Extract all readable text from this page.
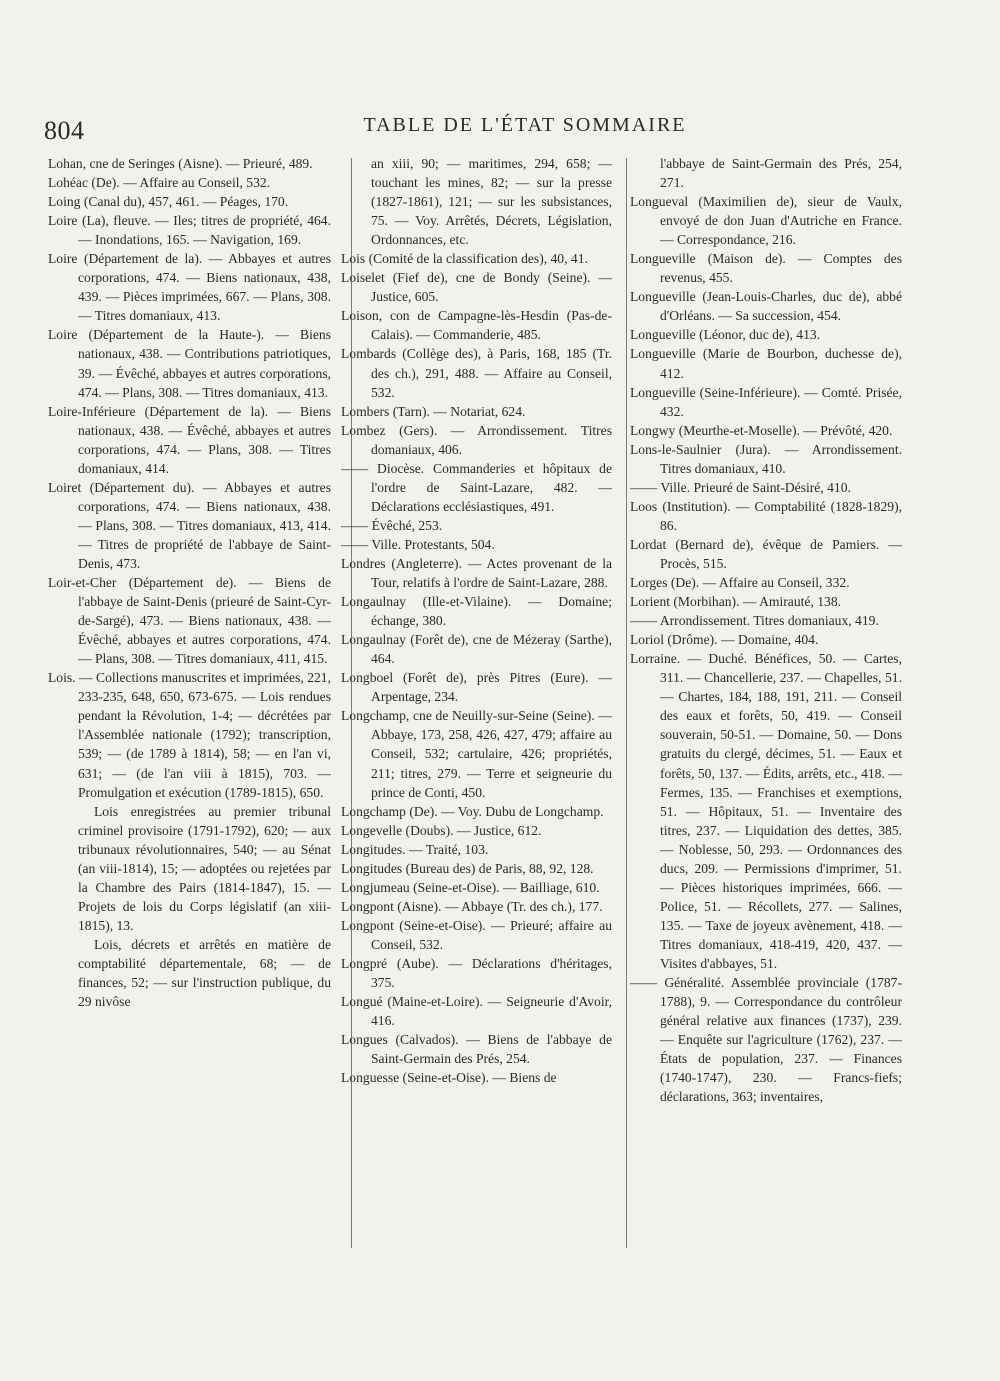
804	TABLE DE L'ÉTAT SOMMAIRE

Lohan, cne de Seringes (Aisne). — Prieuré, 489.

Lohéac (De). — Affaire au Conseil, 532.

Loing (Canal du), 457, 461. — Péages, 170.

Loire (La), fleuve. — Iles; titres de propriété, 464. — Inondations, 165. — Navigation, 169.

Loire (Département de la). — Abbayes et autres corporations, 474. — Biens nationaux, 438, 439. — Pièces imprimées, 667. — Plans, 308. — Titres domaniaux, 413.

Loire (Département de la Haute-). — Biens nationaux, 438. — Contributions patriotiques, 39. — Évêché, abbayes et autres corporations, 474. — Plans, 308. — Titres domaniaux, 413.

Loire-Inférieure (Département de la). — Biens nationaux, 438. — Évêché, abbayes et autres corporations, 474. — Plans, 308. — Titres domaniaux, 414.

Loiret (Département du). — Abbayes et autres corporations, 474. — Biens nationaux, 438. — Plans, 308. — Titres domaniaux, 413, 414. — Titres de propriété de l'abbaye de Saint-Denis, 473.

Loir-et-Cher (Département de). — Biens de l'abbaye de Saint-Denis (prieuré de Saint-Cyr-de-Sargé), 473. — Biens nationaux, 438. — Évêché, abbayes et autres corporations, 474. — Plans, 308. — Titres domaniaux, 411, 415.

Lois. — Collections manuscrites et imprimées, 221, 233-235, 648, 650, 673-675. — Lois rendues pendant la Révolution, 1-4; — décrétées par l'Assemblée nationale (1792); transcription, 539; — (de 1789 à 1814), 58; — en l'an vi, 631; — (de l'an viii à 1815), 703. — Promulgation et exécution (1789-1815), 650.

Lois enregistrées au premier tribunal criminel provisoire (1791-1792), 620; — aux tribunaux révolutionnaires, 540; — au Sénat (an viii-1814), 15; — adoptées ou rejetées par la Chambre des Pairs (1814-1847), 15. — Projets de lois du Corps législatif (an xiii-1815), 13.

Lois, décrets et arrêtés en matière de comptabilité départementale, 68; — de finances, 52; — sur l'instruction publique, du 29 nivôse

an xiii, 90; — maritimes, 294, 658; — touchant les mines, 82; — sur la presse (1827-1861), 121; — sur les subsistances, 75. — Voy. Arrêtés, Décrets, Législation, Ordonnances, etc.

Lois (Comité de la classification des), 40, 41.

Loiselet (Fief de), cne de Bondy (Seine). — Justice, 605.

Loison, con de Campagne-lès-Hesdin (Pas-de-Calais). — Commanderie, 485.

Lombards (Collège des), à Paris, 168, 185 (Tr. des ch.), 291, 488. — Affaire au Conseil, 532.

Lombers (Tarn). — Notariat, 624.

Lombez (Gers). — Arrondissement. Titres domaniaux, 406.

—— Diocèse. Commanderies et hôpitaux de l'ordre de Saint-Lazare, 482. — Déclarations ecclésiastiques, 491.

—— Évêché, 253.

—— Ville. Protestants, 504.

Londres (Angleterre). — Actes provenant de la Tour, relatifs à l'ordre de Saint-Lazare, 288.

Longaulnay (Ille-et-Vilaine). — Domaine; échange, 380.

Longaulnay (Forêt de), cne de Mézeray (Sarthe), 464.

Longboel (Forêt de), près Pitres (Eure). — Arpentage, 234.

Longchamp, cne de Neuilly-sur-Seine (Seine). — Abbaye, 173, 258, 426, 427, 479; affaire au Conseil, 532; cartulaire, 426; propriétés, 211; titres, 279. — Terre et seigneurie du prince de Conti, 450.

Longchamp (De). — Voy. Dubu de Longchamp.

Longevelle (Doubs). — Justice, 612.

Longitudes. — Traité, 103.

Longitudes (Bureau des) de Paris, 88, 92, 128.

Longjumeau (Seine-et-Oise). — Bailliage, 610.

Longpont (Aisne). — Abbaye (Tr. des ch.), 177.

Longpont (Seine-et-Oise). — Prieuré; affaire au Conseil, 532.

Longpré (Aube). — Déclarations d'héritages, 375.

Longué (Maine-et-Loire). — Seigneurie d'Avoir, 416.

Longues (Calvados). — Biens de l'abbaye de Saint-Germain des Prés, 254.

Longuesse (Seine-et-Oise). — Biens de

l'abbaye de Saint-Germain des Prés, 254, 271.

Longueval (Maximilien de), sieur de Vaulx, envoyé de don Juan d'Autriche en France. — Correspondance, 216.

Longueville (Maison de). — Comptes des revenus, 455.

Longueville (Jean-Louis-Charles, duc de), abbé d'Orléans. — Sa succession, 454.

Longueville (Léonor, duc de), 413.

Longueville (Marie de Bourbon, duchesse de), 412.

Longueville (Seine-Inférieure). — Comté. Prisée, 432.

Longwy (Meurthe-et-Moselle). — Prévôté, 420.

Lons-le-Saulnier (Jura). — Arrondissement. Titres domaniaux, 410.

—— Ville. Prieuré de Saint-Désiré, 410.

Loos (Institution). — Comptabilité (1828-1829), 86.

Lordat (Bernard de), évêque de Pamiers. — Procès, 515.

Lorges (De). — Affaire au Conseil, 332.

Lorient (Morbihan). — Amirauté, 138.

—— Arrondissement. Titres domaniaux, 419.

Loriol (Drôme). — Domaine, 404.

Lorraine. — Duché. Bénéfices, 50. — Cartes, 311. — Chancellerie, 237. — Chapelles, 51. — Chartes, 184, 188, 191, 211. — Conseil des eaux et forêts, 50, 419. — Conseil souverain, 50-51. — Domaine, 50. — Dons gratuits du clergé, décimes, 51. — Eaux et forêts, 50, 137. — Édits, arrêts, etc., 418. — Fermes, 135. — Franchises et exemptions, 51. — Hôpitaux, 51. — Inventaire des titres, 237. — Liquidation des dettes, 385. — Noblesse, 50, 293. — Ordonnances des ducs, 209. — Permissions d'imprimer, 51. — Pièces historiques imprimées, 666. — Police, 51. — Récollets, 277. — Salines, 135. — Taxe de joyeux avènement, 418. — Titres domaniaux, 418-419, 420, 437. — Visites d'abbayes, 51.

—— Généralité. Assemblée provinciale (1787-1788), 9. — Correspondance du contrôleur général relative aux finances (1737), 239. — Enquête sur l'agriculture (1762), 237. — États de population, 237. — Finances (1740-1747), 230. — Francs-fiefs; déclarations, 363; inventaires,
